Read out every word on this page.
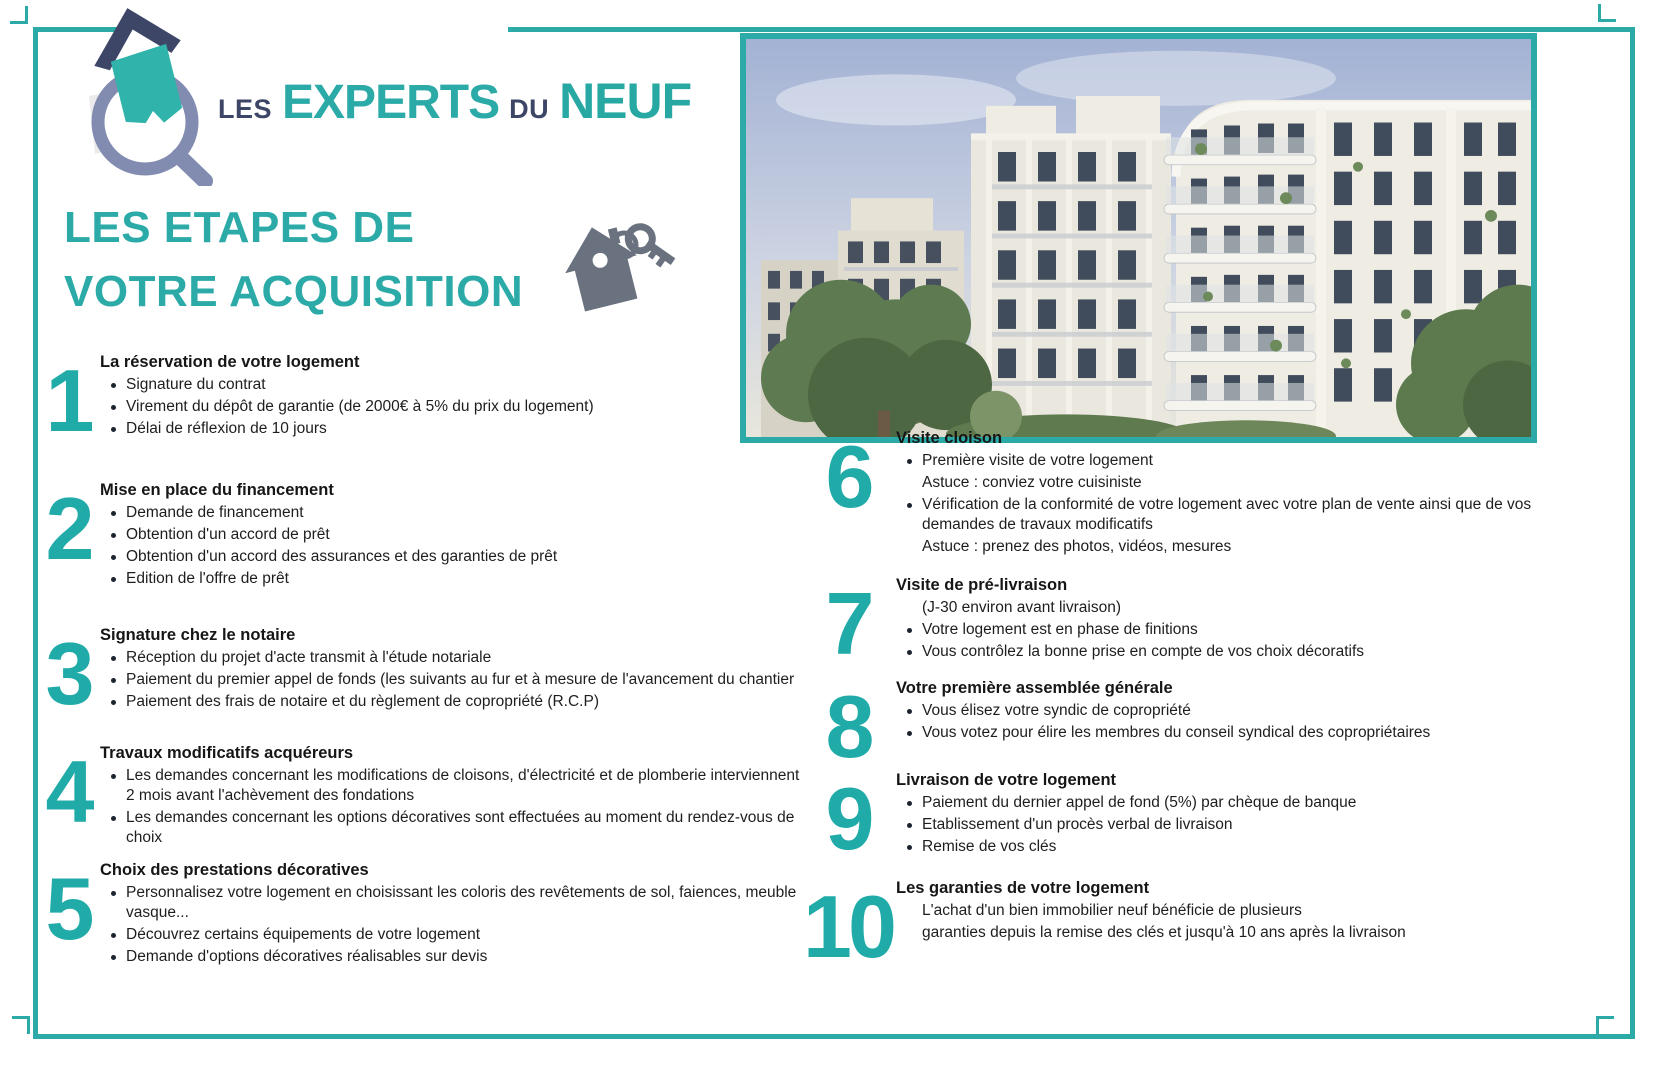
LES EXPERTS DU NEUF
LES ETAPES DE
VOTRE ACQUISITION
1 La réservation de votre logement
Signature du contrat
Virement du dépôt de garantie (de 2000€ à 5% du prix du logement)
Délai de réflexion de 10 jours
2 Mise en place du financement
Demande de financement
Obtention d'un accord de prêt
Obtention d'un accord des assurances et des garanties de prêt
Edition de l'offre de prêt
3 Signature chez le notaire
Réception du projet d'acte transmit à l'étude notariale
Paiement du premier appel de fonds (les suivants au fur et à mesure de l'avancement du chantier
Paiement des frais de notaire et du règlement de copropriété (R.C.P)
4 Travaux modificatifs acquéreurs
Les demandes concernant les modifications de cloisons, d'électricité et de plomberie interviennent 2 mois avant l'achèvement des fondations
Les demandes concernant les options décoratives sont effectuées au moment du rendez-vous de choix
5 Choix des prestations décoratives
Personnalisez votre logement en choisissant les coloris des revêtements de sol, faiences, meuble vasque...
Découvrez certains équipements de votre logement
Demande d'options décoratives réalisables sur devis
6	Visite cloison
Première visite de votre logement
Astuce : conviez votre cuisiniste
Vérification de la conformité de votre logement avec votre plan de vente ainsi que de vos demandes de travaux modificatifs
Astuce : prenez des photos, vidéos, mesures
7	Visite de pré-livraison
(J-30 environ avant livraison)
Votre logement est en phase de finitions
Vous contrôlez la bonne prise en compte de vos choix décoratifs
8	Votre première assemblée générale
Vous élisez votre syndic de copropriété
Vous votez pour élire les membres du conseil syndical des copropriétaires
9	Livraison de votre logement
Paiement du dernier appel de fond (5%) par chèque de banque
Etablissement d'un procès verbal de livraison
Remise de vos clés
10 Les garanties de votre logement
L'achat d'un bien immobilier neuf bénéficie de plusieurs
garanties depuis la remise des clés et jusqu'à 10 ans après la livraison
